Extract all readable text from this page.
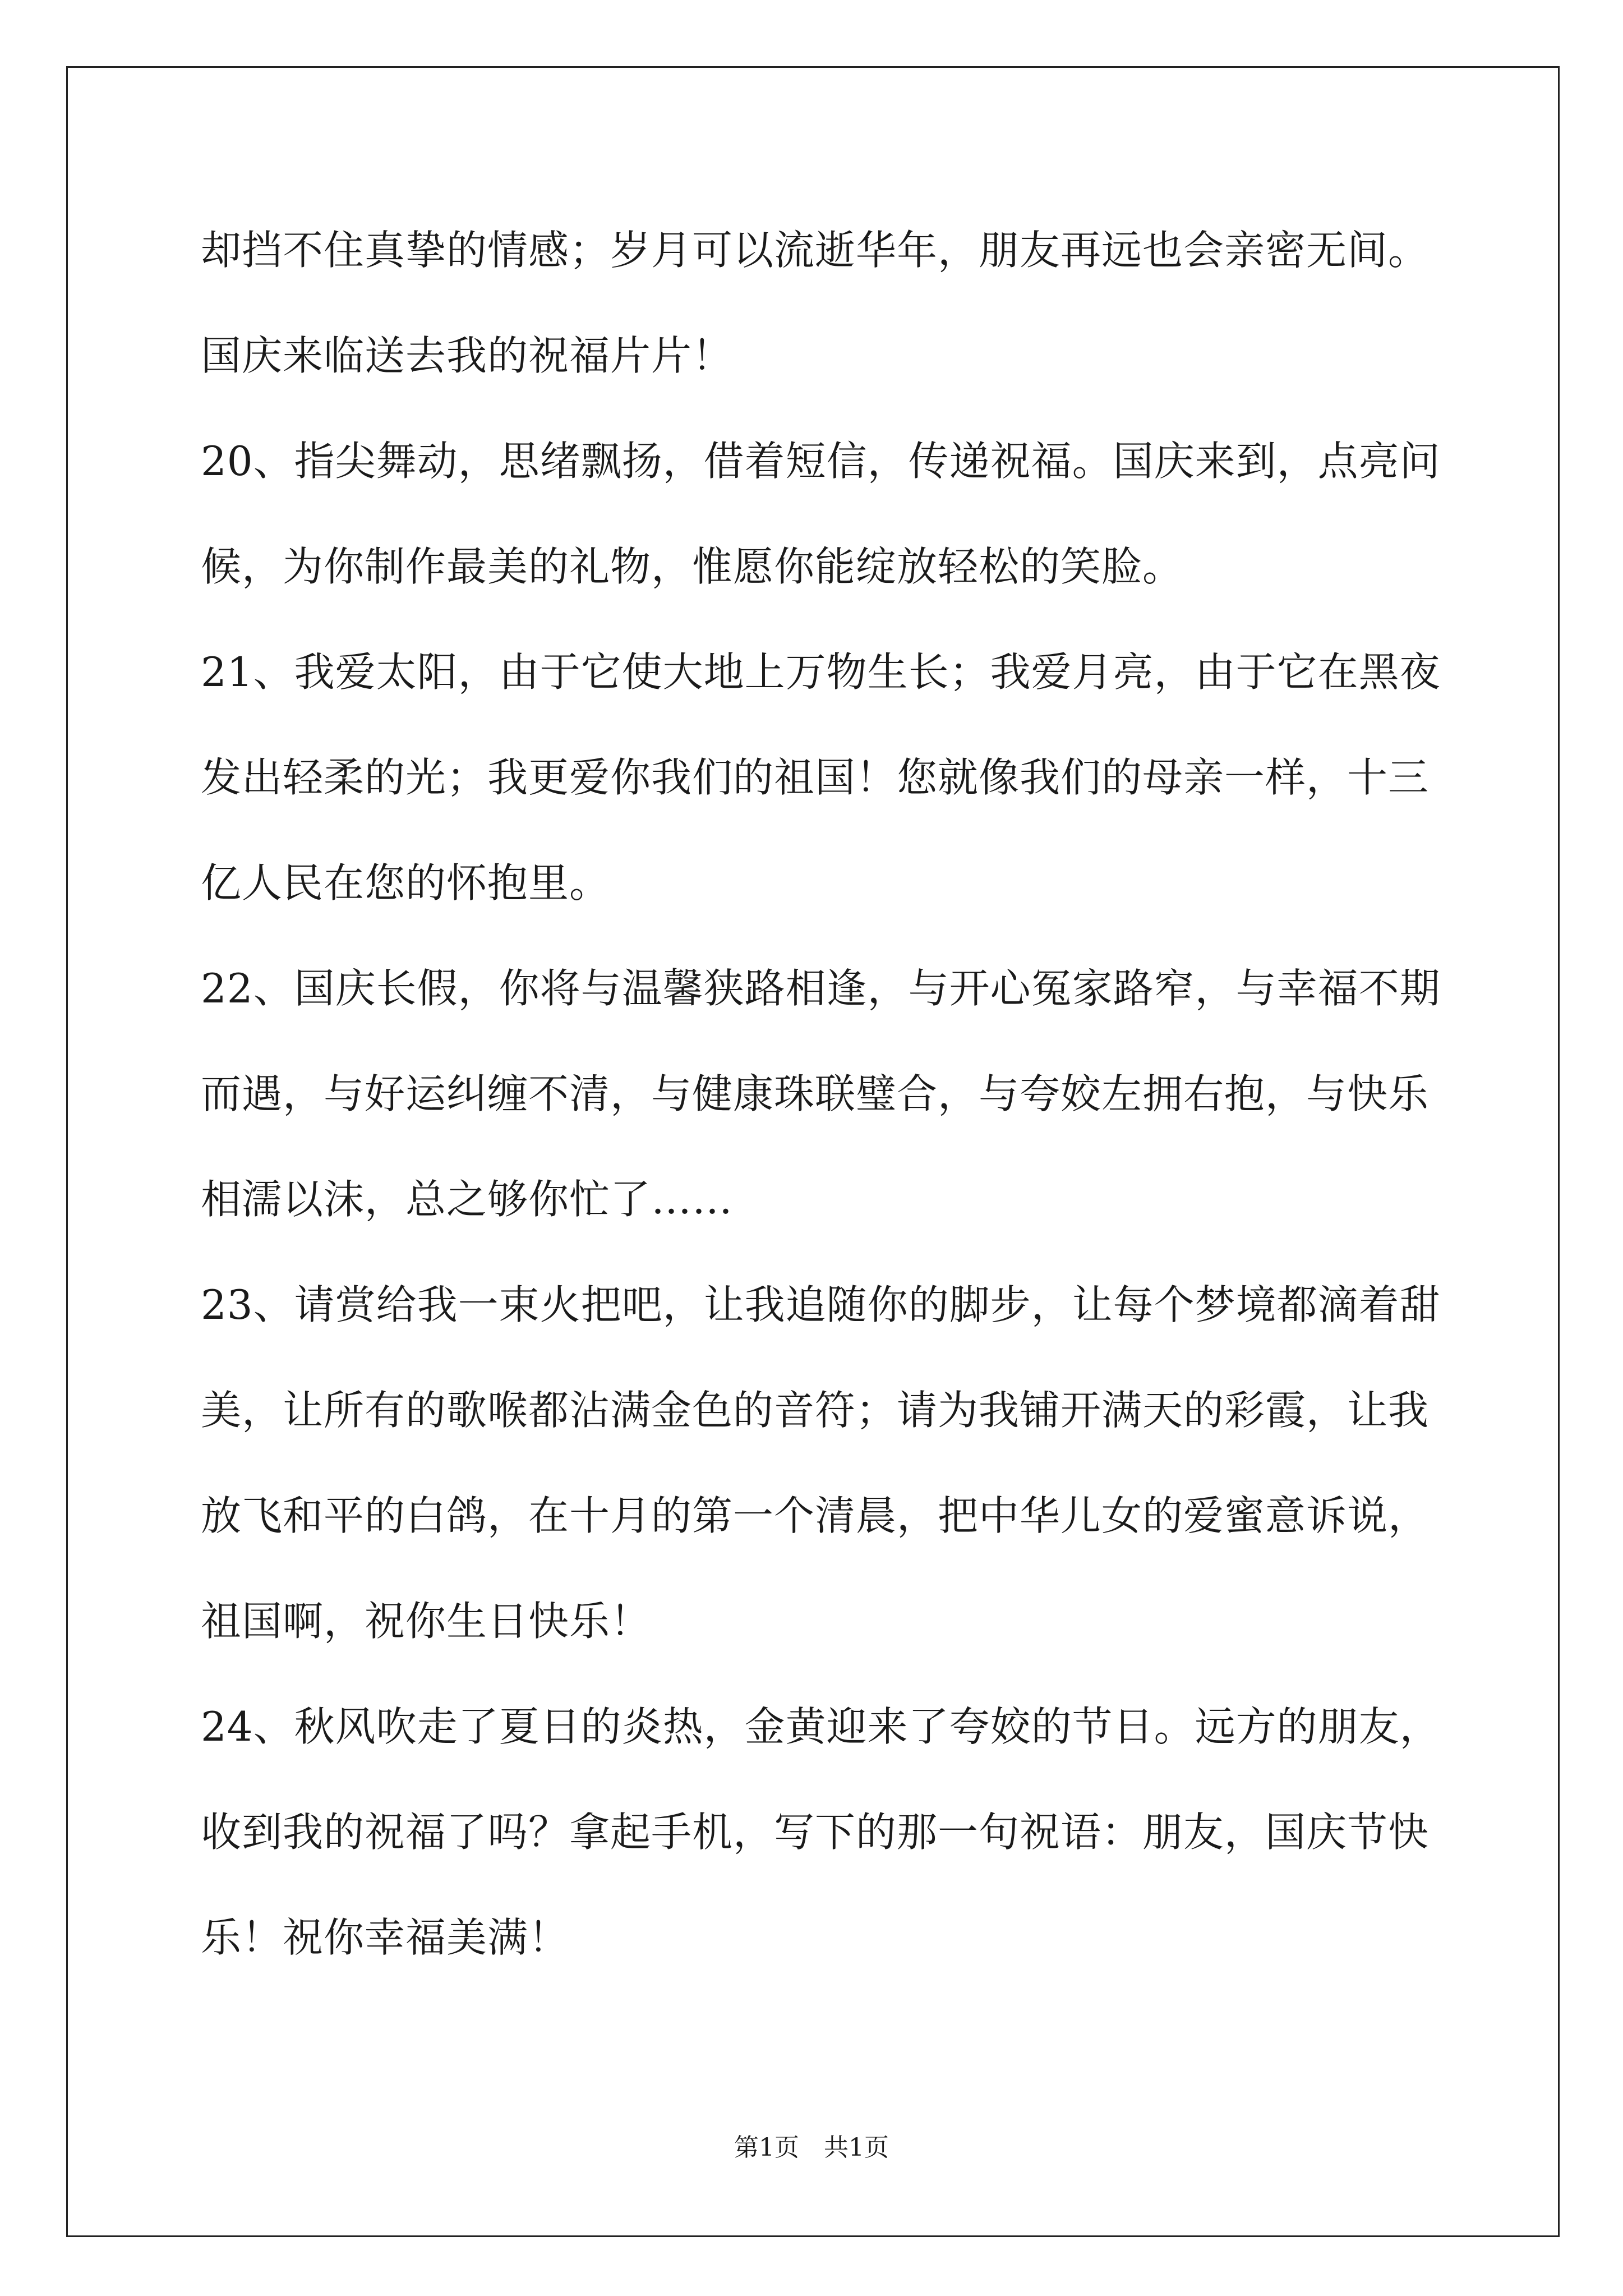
却挡不住真挚的情感；岁月可以流逝华年，朋友再远也会亲密无间。
国庆来临送去我的祝福片片！
20、指尖舞动，思绪飘扬，借着短信，传递祝福。国庆来到，点亮问
候，为你制作最美的礼物，惟愿你能绽放轻松的笑脸。
21、我爱太阳，由于它使大地上万物生长；我爱月亮，由于它在黑夜
发出轻柔的光；我更爱你我们的祖国！您就像我们的母亲一样，十三
亿人民在您的怀抱里。
22、国庆长假，你将与温馨狭路相逢，与开心冤家路窄，与幸福不期
而遇，与好运纠缠不清，与健康珠联璧合，与夸姣左拥右抱，与快乐
相濡以沫，总之够你忙了……
23、请赏给我一束火把吧，让我追随你的脚步，让每个梦境都滴着甜
美，让所有的歌喉都沾满金色的音符；请为我铺开满天的彩霞，让我
放飞和平的白鸽，在十月的第一个清晨，把中华儿女的爱蜜意诉说，
祖国啊，祝你生日快乐！
24、秋风吹走了夏日的炎热，金黄迎来了夸姣的节日。远方的朋友，
收到我的祝福了吗？拿起手机，写下的那一句祝语：朋友，国庆节快
乐！祝你幸福美满！
第1页　共1页
